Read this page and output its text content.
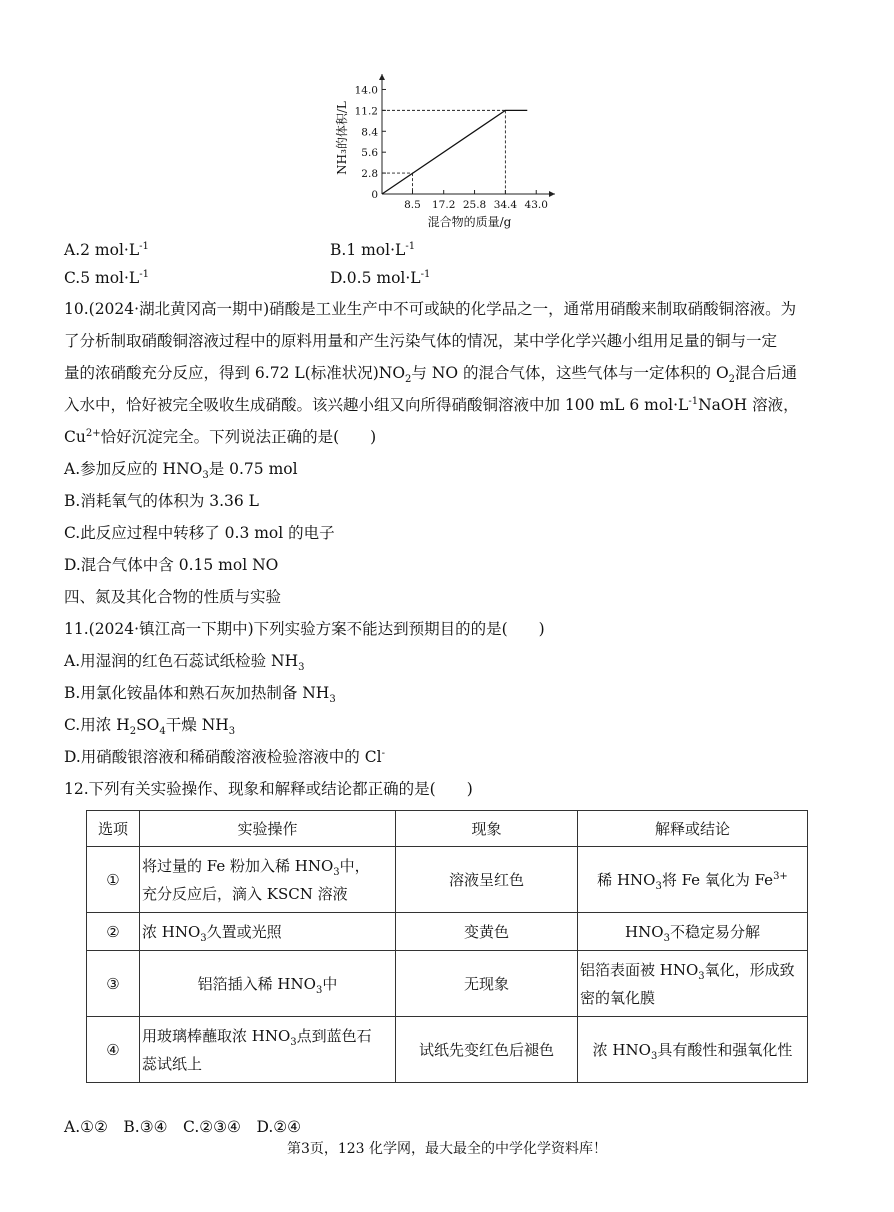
0
2.8
5.6
8.4
11.2
14.0
8.5 17.2 25.8 34.4 43.0
NH₃的体积/L
混合物的质量/g
A.2 $mol\cdot L^{-1}$	B.1 $mol\cdot L^{-1}$
C.5 $mol\cdot L^{-1}$	D.0.5 $mol\cdot L^{-1}$
10.(2024·湖北黄冈高一期中)硝酸是工业生产中不可或缺的化学品之一，通常用硝酸来制取硝酸铜溶液。为
了分析制取硝酸铜溶液过程中的原料用量和产生污染气体的情况，某中学化学兴趣小组用足量的铜与一定
量的浓硝酸充分反应，得到 6.72 L(标准状况)$NO_2$与 NO 的混合气体，这些气体与一定体积的 $O_2$混合后通
入水中，恰好被完全吸收生成硝酸。该兴趣小组又向所得硝酸铜溶液中加 100 mL 6 $mol\cdot L^{-1}NaOH$ 溶液，
$Cu^{2+}$恰好沉淀完全。下列说法正确的是(　　)
A.参加反应的 $HNO_3$是 0.75 mol
B.消耗氧气的体积为 3.36 L
C.此反应过程中转移了 0.3 mol 的电子
D.混合气体中含 0.15 mol NO
四、氮及其化合物的性质与实验
11.(2024·镇江高一下期中)下列实验方案不能达到预期目的的是(　　)
A.用湿润的红色石蕊试纸检验 $NH_3$
B.用氯化铵晶体和熟石灰加热制备 $NH_3$
C.用浓 $H_2SO_4$干燥 $NH_3$
D.用硝酸银溶液和稀硝酸溶液检验溶液中的 Cl-
12.下列有关实验操作、现象和解释或结论都正确的是(　　)
选项	实验操作	现象	解释或结论
①	将过量的 Fe 粉加入稀 $HNO_3$中，
充分反应后，滴入 KSCN 溶液	溶液呈红色	稀 $HNO_3$将 Fe 氧化为 $Fe^{3+}$
②	浓 $HNO_3$久置或光照	变黄色	$HNO_3$不稳定易分解
③	铝箔插入稀 $HNO_3$中	无现象	铝箔表面被 $HNO_3$氧化，形成致
密的氧化膜
④	用玻璃棒蘸取浓 $HNO_3$点到蓝色石
蕊试纸上	试纸先变红色后褪色	浓 $HNO_3$具有酸性和强氧化性
A.①②　B.③④　C.②③④　D.②④
第3页，123 化学网，最大最全的中学化学资料库！
